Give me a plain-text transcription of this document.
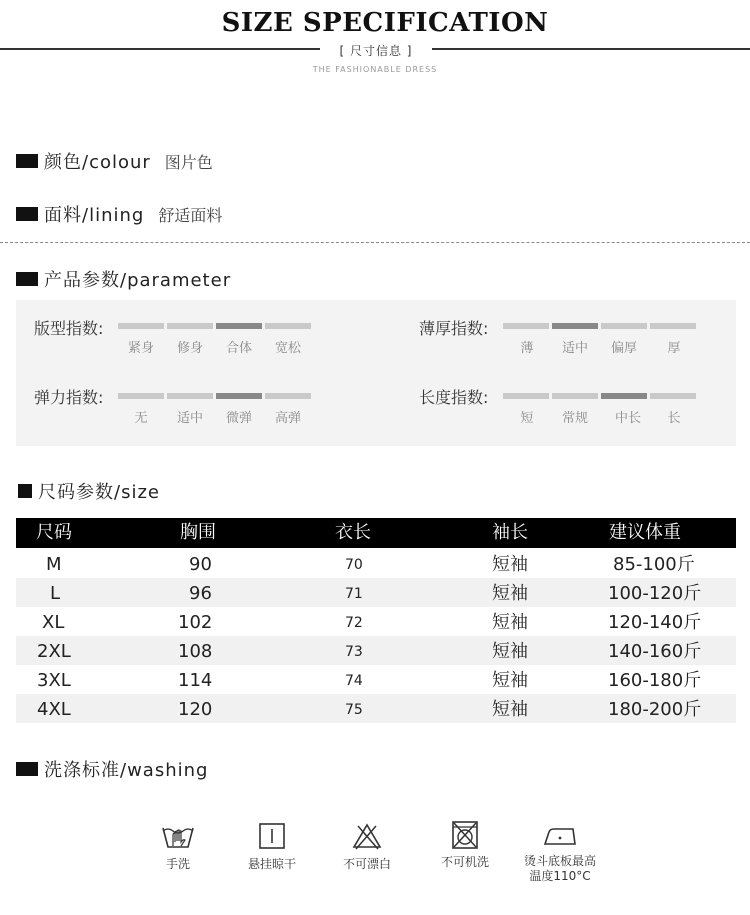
SIZE SPECIFICATION
[ 尺寸信息 ]
THE FASHIONABLE DRESS
颜色/colour 图片色
面料/lining 舒适面料
产品参数/parameter
版型指数:
紧身	修身	合体	宽松
薄厚指数:
薄	适中	偏厚	厚
弹力指数:
无	适中	微弹	高弹
长度指数:
短	常规	中长	长
尺码参数/size
尺码	胸围	衣长	袖长	建议体重
M	90	70	短袖	85-100斤
L	96	71	短袖	100-120斤
XL	102	72	短袖	120-140斤
2XL	108	73	短袖	140-160斤
3XL	114	74	短袖	160-180斤
4XL	120	75	短袖	180-200斤
洗涤标准/washing
手洗	悬挂晾干	不可漂白	不可机洗	烫斗底板最高
温度110°C
